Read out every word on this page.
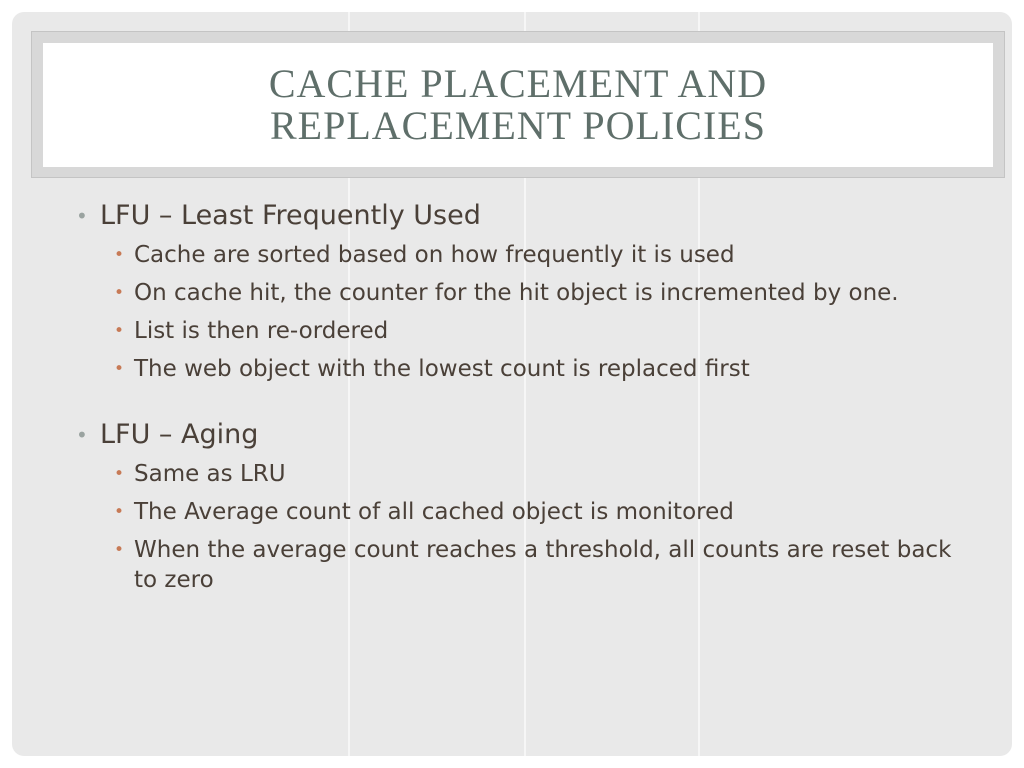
CACHE PLACEMENT AND
REPLACEMENT POLICIES
• LFU – Least Frequently Used
• Cache are sorted based on how frequently it is used
• On cache hit, the counter for the hit object is incremented by one.
• List is then re-ordered
• The web object with the lowest count is replaced first
• LFU – Aging
• Same as LRU
• The Average count of all cached object is monitored
• When the average count reaches a threshold, all counts are reset back to zero
